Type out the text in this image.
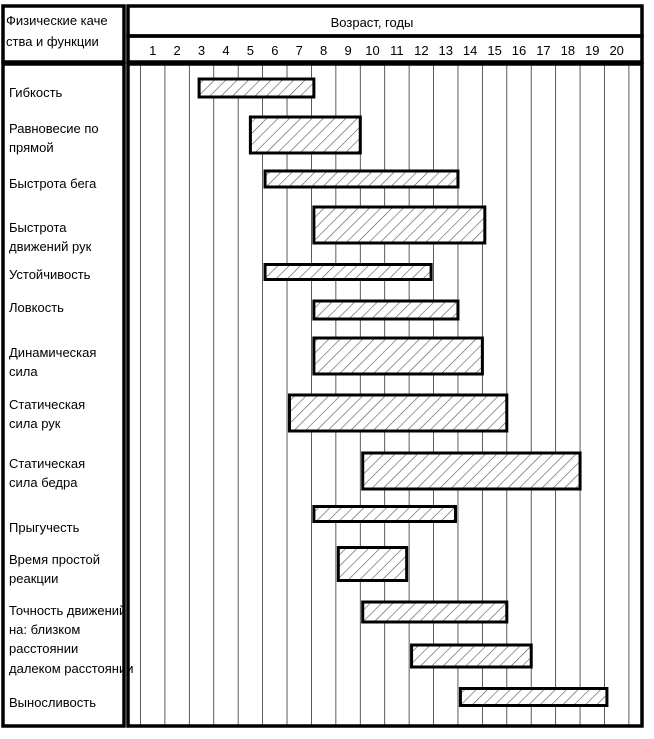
Физические каче
ства и функции
Возраст, годы
1 2 3 4 5 6 7 8 9 10 11 12 13 14 15 16 17 18 19 20
Гибкость
Равновесие по
прямой
Быстрота бега
Быстрота
движений рук
Устойчивость
Ловкость
Динамическая
сила
Статическая
сила рук
Статическая
сила бедра
Прыгучесть
Время простой
реакции
Точность движений
на: близком
расстоянии
далеком расстоянии
Выносливость
